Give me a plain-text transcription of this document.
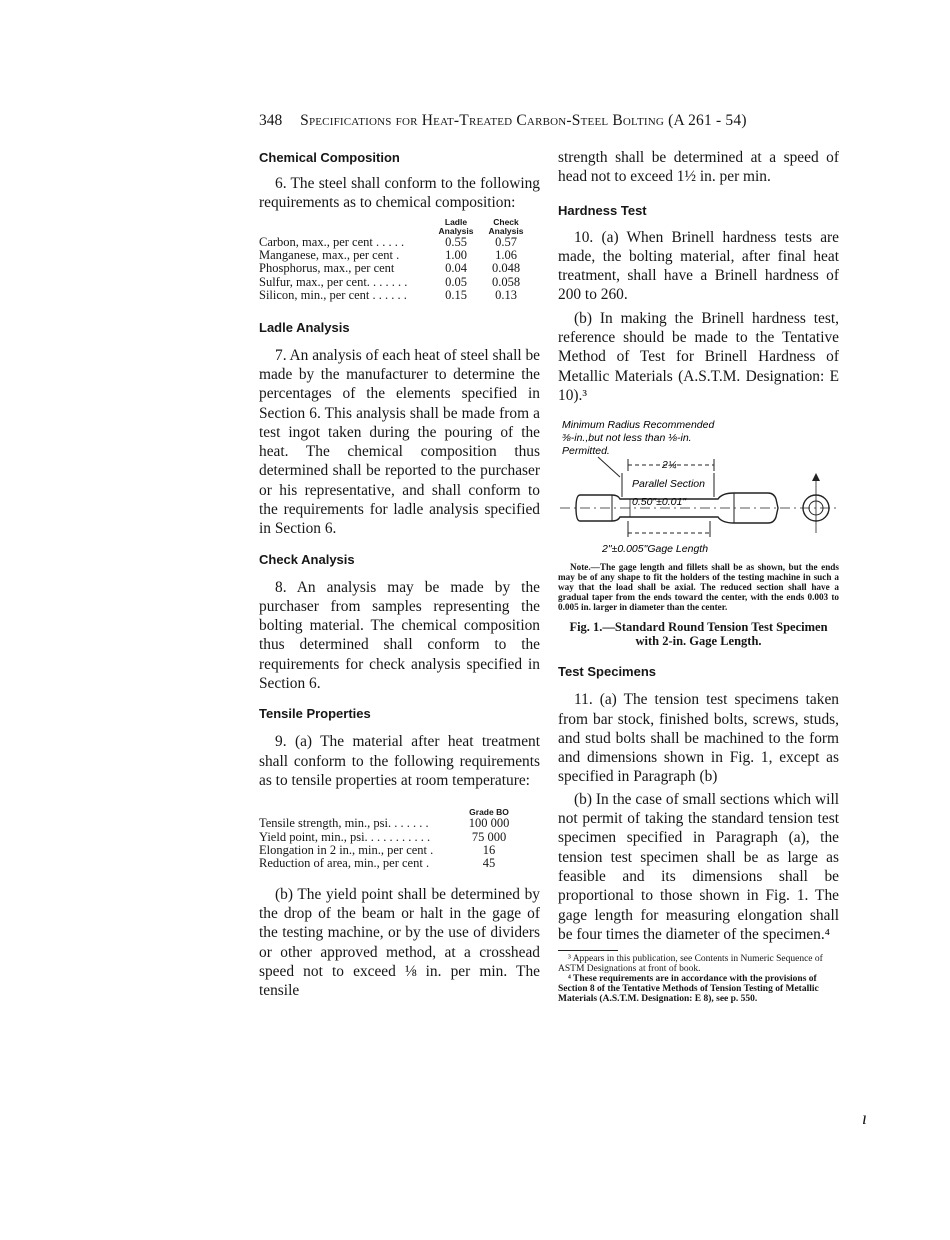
348 Specifications for Heat-Treated Carbon-Steel Bolting (A 261 - 54)
Chemical Composition

6. The steel shall conform to the following requirements as to chemical composition:

	Ladle Analysis	Check Analysis
Carbon, max., per cent . . . . .	0.55	0.57
Manganese, max., per cent .	1.00	1.06
Phosphorus, max., per cent	0.04	0.048
Sulfur, max., per cent. . . . . . .	0.05	0.058
Silicon, min., per cent . . . . . .	0.15	0.13
Ladle Analysis

7. An analysis of each heat of steel shall be made by the manufacturer to determine the percentages of the elements specified in Section 6. This analysis shall be made from a test ingot taken during the pouring of the heat. The chemical composition thus determined shall be reported to the purchaser or his representative, and shall conform to the requirements for ladle analysis specified in Section 6.

Check Analysis

8. An analysis may be made by the purchaser from samples representing the bolting material. The chemical composition thus determined shall conform to the requirements for check analysis specified in Section 6.

Tensile Properties

9. (a) The material after heat treatment shall conform to the following requirements as to tensile properties at room temperature:

	Grade BO
Tensile strength, min., psi. . . . . . .	100 000
Yield point, min., psi. . . . . . . . . . .	75 000
Elongation in 2 in., min., per cent .	16
Reduction of area, min., per cent .	45

(b) The yield point shall be determined by the drop of the beam or halt in the gage of the testing machine, or by the use of dividers or other approved method, at a crosshead speed not to exceed ⅛ in. per min. The tensile

strength shall be determined at a speed of head not to exceed 1½ in. per min.

Hardness Test

10. (a) When Brinell hardness tests are made, the bolting material, after final heat treatment, shall have a Brinell hardness of 200 to 260.

(b) In making the Brinell hardness test, reference should be made to the Tentative Method of Test for Brinell Hardness of Metallic Materials (A.S.T.M. Designation: E 10).³

Minimum Radius Recommended
⅜-in.,but not less than ⅛-in.
Permitted.
2¼
Parallel Section
0.50"±0.01"
2"±0.005"Gage Length

Note.—The gage length and fillets shall be as shown, but the ends may be of any shape to fit the holders of the testing machine in such a way that the load shall be axial. The reduced section shall have a gradual taper from the ends toward the center, with the ends 0.003 to 0.005 in. larger in diameter than the center.

Fig. 1.—Standard Round Tension Test Specimen with 2-in. Gage Length.

Test Specimens

11. (a) The tension test specimens taken from bar stock, finished bolts, screws, studs, and stud bolts shall be machined to the form and dimensions shown in Fig. 1, except as specified in Paragraph (b)

(b) In the case of small sections which will not permit of taking the standard tension test specimen specified in Paragraph (a), the tension test specimen shall be as large as feasible and its dimensions shall be proportional to those shown in Fig. 1. The gage length for measuring elongation shall be four times the diameter of the specimen.⁴

³ Appears in this publication, see Contents in Numeric Sequence of ASTM Designations at front of book.

⁴ These requirements are in accordance with the provisions of Section 8 of the Tentative Methods of Tension Testing of Metallic Materials (A.S.T.M. Designation: E 8), see p. 550.

ı
